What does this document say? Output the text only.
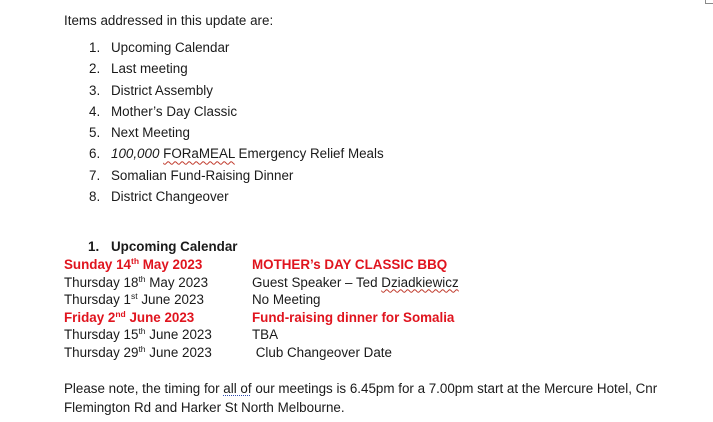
Items addressed in this update are:
1. Upcoming Calendar
2. Last meeting
3. District Assembly
4. Mother’s Day Classic
5. Next Meeting
6. 100,000 FORaMEAL Emergency Relief Meals
7. Somalian Fund-Raising Dinner
8. District Changeover
1. Upcoming Calendar
Sunday 14th May 2023	MOTHER’s DAY CLASSIC BBQ
Thursday 18th May 2023	Guest Speaker – Ted Dziadkiewicz
Thursday 1st June 2023	No Meeting
Friday 2nd June 2023	Fund-raising dinner for Somalia
Thursday 15th June 2023	TBA
Thursday 29th June 2023	Club Changeover Date
Please note, the timing for all of our meetings is 6.45pm for a 7.00pm start at the Mercure Hotel, Cnr Flemington Rd and Harker St North Melbourne.
